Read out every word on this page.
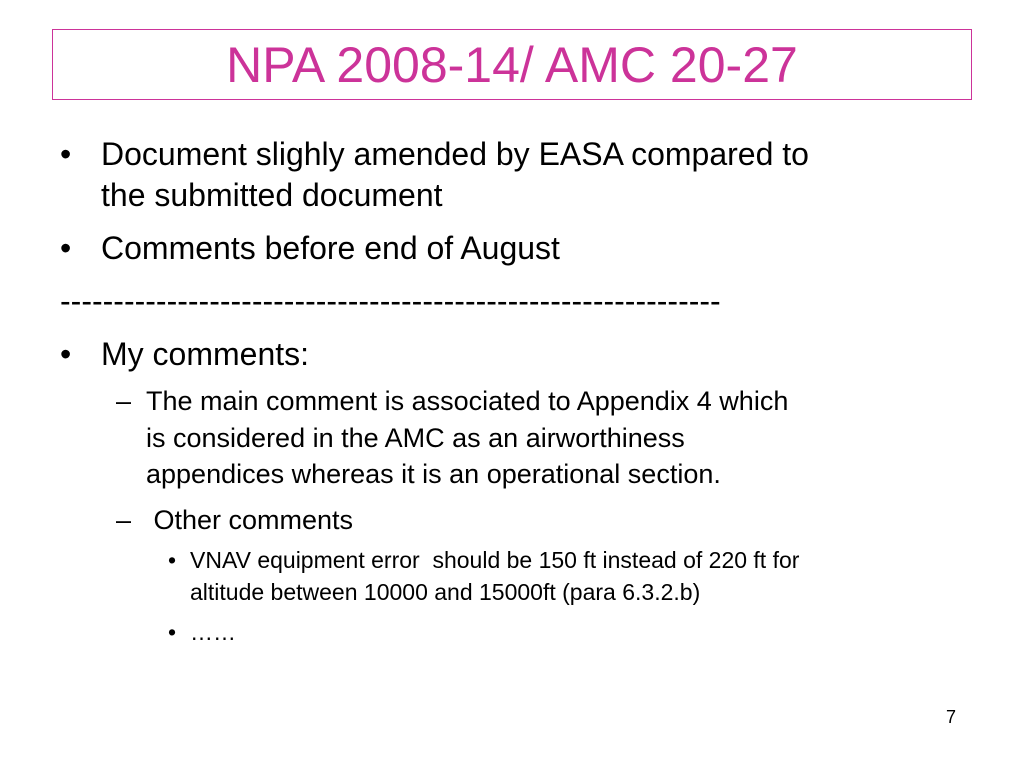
NPA 2008-14/ AMC 20-27
• Document slighly amended by EASA compared to
the submitted document
• Comments before end of August
--------------------------------------------------------------
• My comments:
– The main comment is associated to Appendix 4 which
is considered in the AMC as an airworthiness
appendices whereas it is an operational section.
– Other comments
• VNAV equipment error  should be 150 ft instead of 220 ft for
altitude between 10000 and 15000ft (para 6.3.2.b)
• ……
7
